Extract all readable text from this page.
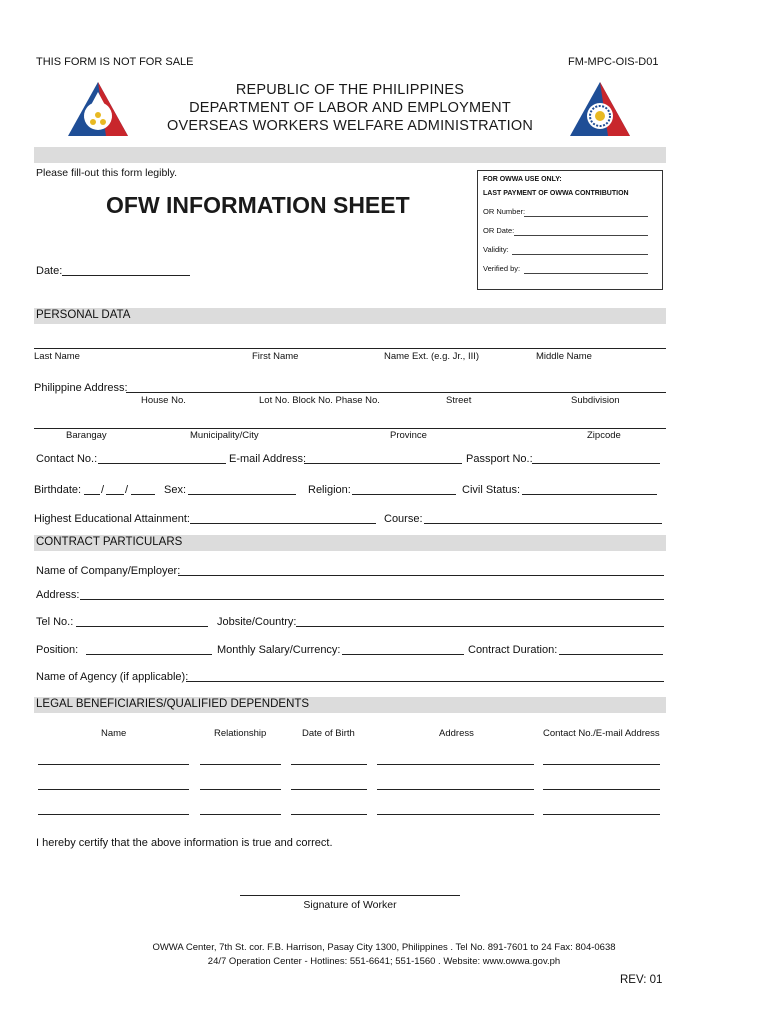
THIS FORM IS NOT FOR SALE	FM-MPC-OIS-D01
REPUBLIC OF THE PHILIPPINES
DEPARTMENT OF LABOR AND EMPLOYMENT
OVERSEAS WORKERS WELFARE ADMINISTRATION
Please fill-out this form legibly.
OFW INFORMATION SHEET
Date:
FOR OWWA USE ONLY:
LAST PAYMENT OF OWWA CONTRIBUTION
OR Number:
OR Date:
Validity:
Verified by:
PERSONAL DATA
Last Name	First Name	Name Ext. (e.g. Jr., III)	Middle Name
Philippine Address:
House No.	Lot No. Block No. Phase No.	Street	Subdivision
Barangay	Municipality/City	Province	Zipcode
Contact No.:	E-mail Address:	Passport No.:
Birthdate: / /	Sex:	Religion:	Civil Status:
Highest Educational Attainment:	Course:
CONTRACT PARTICULARS
Name of Company/Employer:
Address:
Tel No.:	Jobsite/Country:
Position:	Monthly Salary/Currency:	Contract Duration:
Name of Agency (if applicable):
LEGAL BENEFICIARIES/QUALIFIED DEPENDENTS
Name	Relationship	Date of Birth	Address	Contact No./E-mail Address
I hereby certify that the above information is true and correct.
Signature of Worker
OWWA Center, 7th St. cor. F.B. Harrison, Pasay City 1300, Philippines . Tel No. 891-7601 to 24 Fax: 804-0638
24/7 Operation Center - Hotlines: 551-6641; 551-1560 . Website: www.owwa.gov.ph
REV: 01
